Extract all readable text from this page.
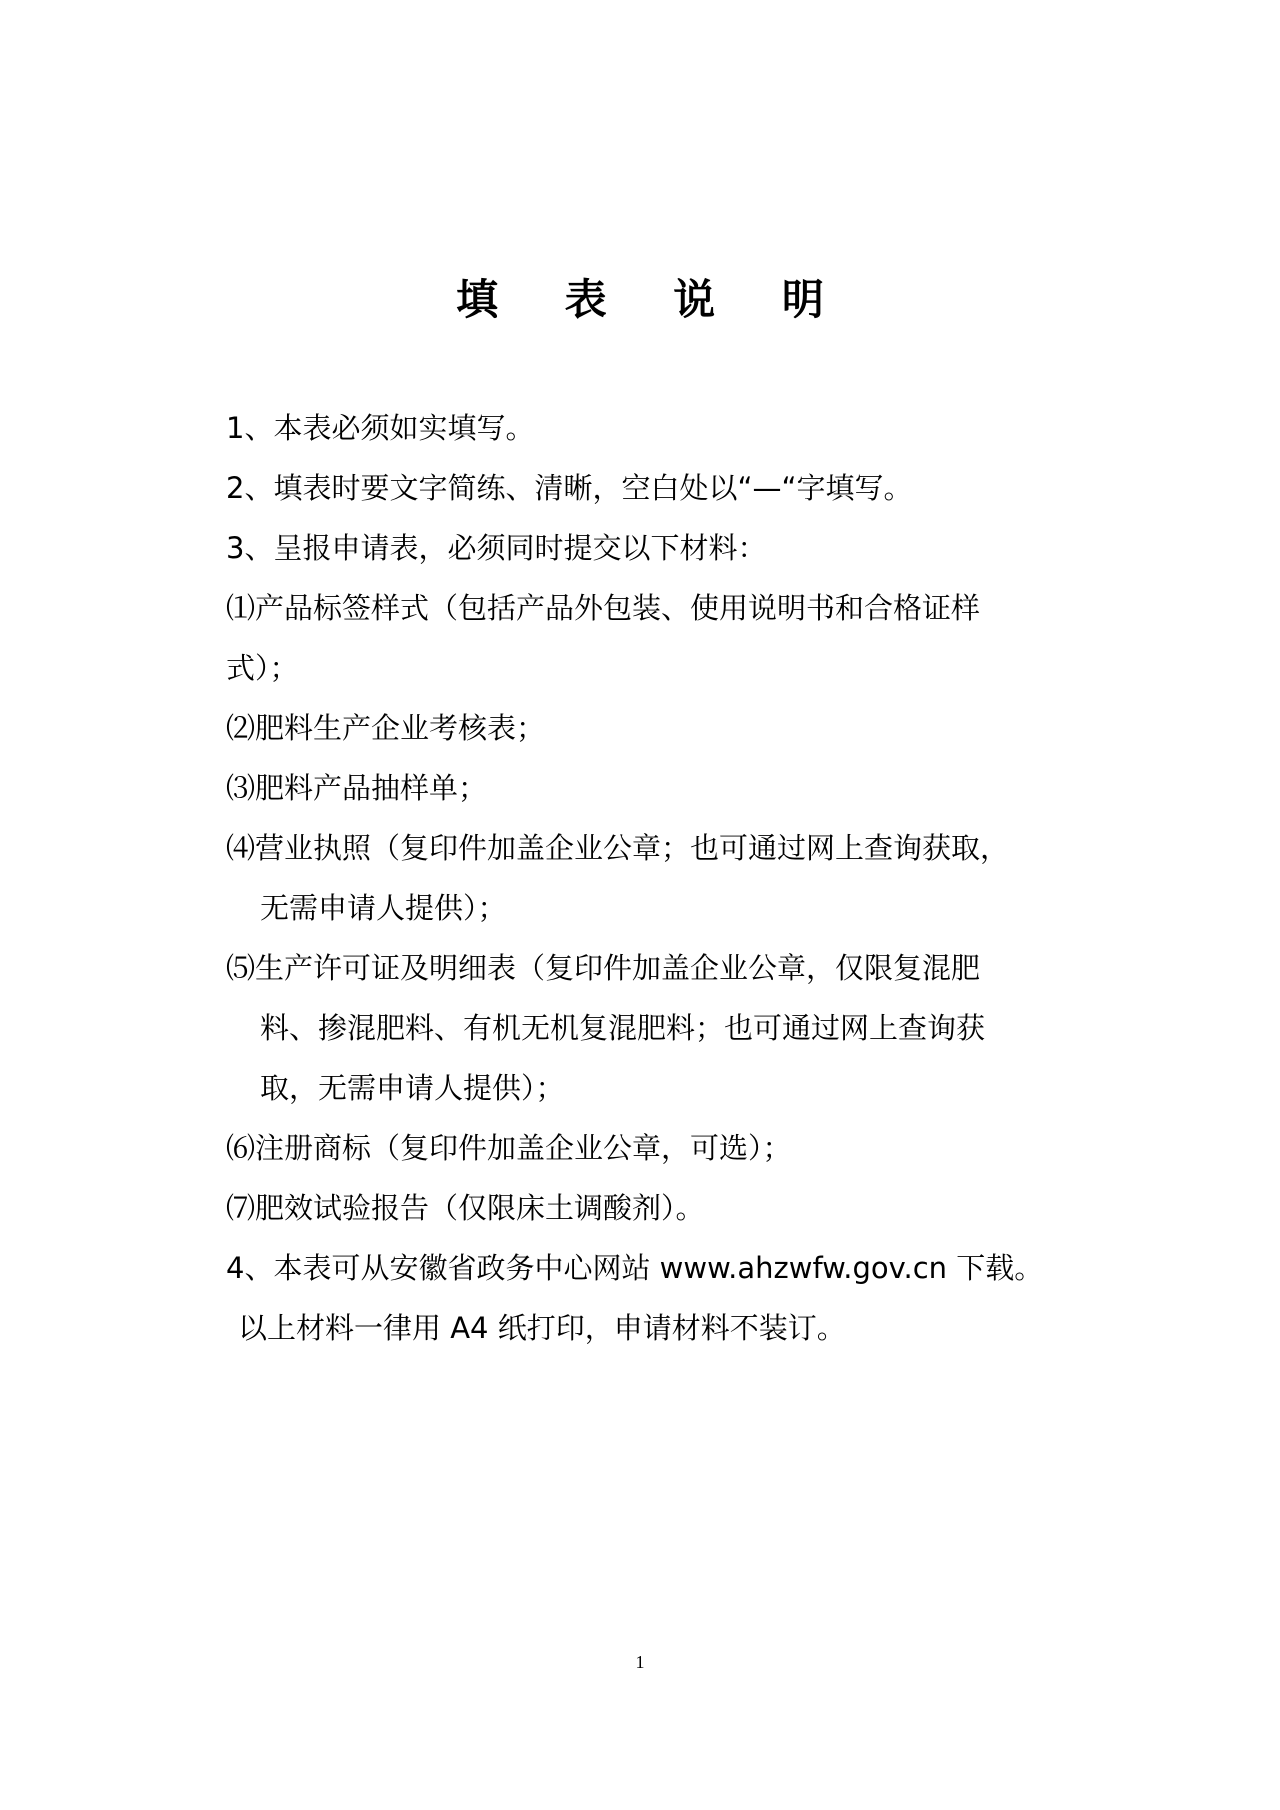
填 表 说 明
1、本表必须如实填写。
2、填表时要文字简练、清晰，空白处以“—“字填写。
3、呈报申请表，必须同时提交以下材料：
⑴产品标签样式（包括产品外包装、使用说明书和合格证样
式）；
⑵肥料生产企业考核表；
⑶肥料产品抽样单；
⑷营业执照（复印件加盖企业公章；也可通过网上查询获取，
无需申请人提供）；
⑸生产许可证及明细表（复印件加盖企业公章，仅限复混肥
料、掺混肥料、有机无机复混肥料；也可通过网上查询获
取，无需申请人提供）；
⑹注册商标（复印件加盖企业公章，可选）；
⑺肥效试验报告（仅限床土调酸剂）。
4、本表可从安徽省政务中心网站 www.ahzwfw.gov.cn 下载。
以上材料一律用 A4 纸打印，申请材料不装订。
1
